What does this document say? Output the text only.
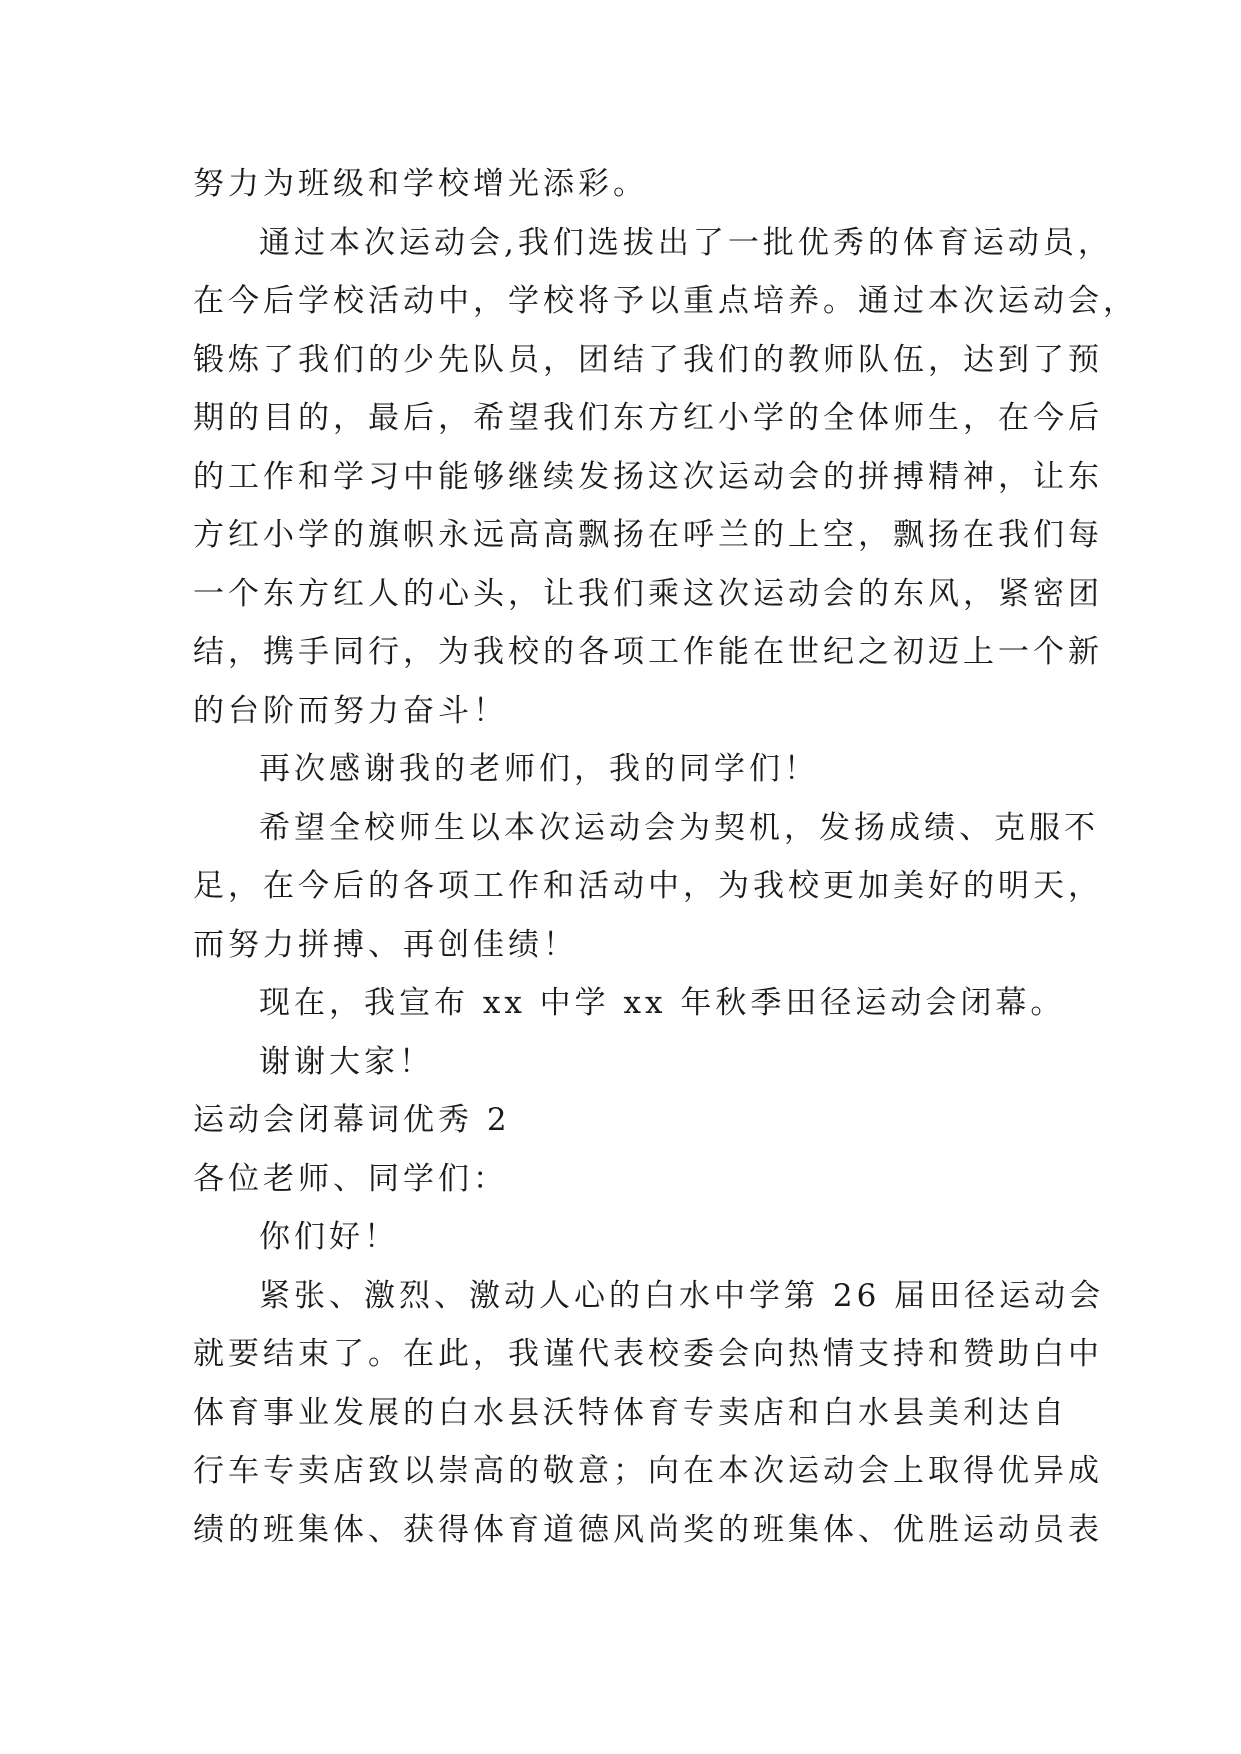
努力为班级和学校增光添彩。
通过本次运动会,我们选拔出了一批优秀的体育运动员，
在今后学校活动中，学校将予以重点培养。通过本次运动会，
锻炼了我们的少先队员，团结了我们的教师队伍，达到了预
期的目的，最后，希望我们东方红小学的全体师生，在今后
的工作和学习中能够继续发扬这次运动会的拼搏精神，让东
方红小学的旗帜永远高高飘扬在呼兰的上空，飘扬在我们每
一个东方红人的心头，让我们乘这次运动会的东风，紧密团
结，携手同行，为我校的各项工作能在世纪之初迈上一个新
的台阶而努力奋斗！
再次感谢我的老师们，我的同学们！
希望全校师生以本次运动会为契机，发扬成绩、克服不
足，在今后的各项工作和活动中，为我校更加美好的明天，
而努力拼搏、再创佳绩！
现在，我宣布 xx 中学 xx 年秋季田径运动会闭幕。
谢谢大家！
运动会闭幕词优秀 2
各位老师、同学们：
你们好！
紧张、激烈、激动人心的白水中学第 26 届田径运动会
就要结束了。在此，我谨代表校委会向热情支持和赞助白中
体育事业发展的白水县沃特体育专卖店和白水县美利达自
行车专卖店致以崇高的敬意；向在本次运动会上取得优异成
绩的班集体、获得体育道德风尚奖的班集体、优胜运动员表
